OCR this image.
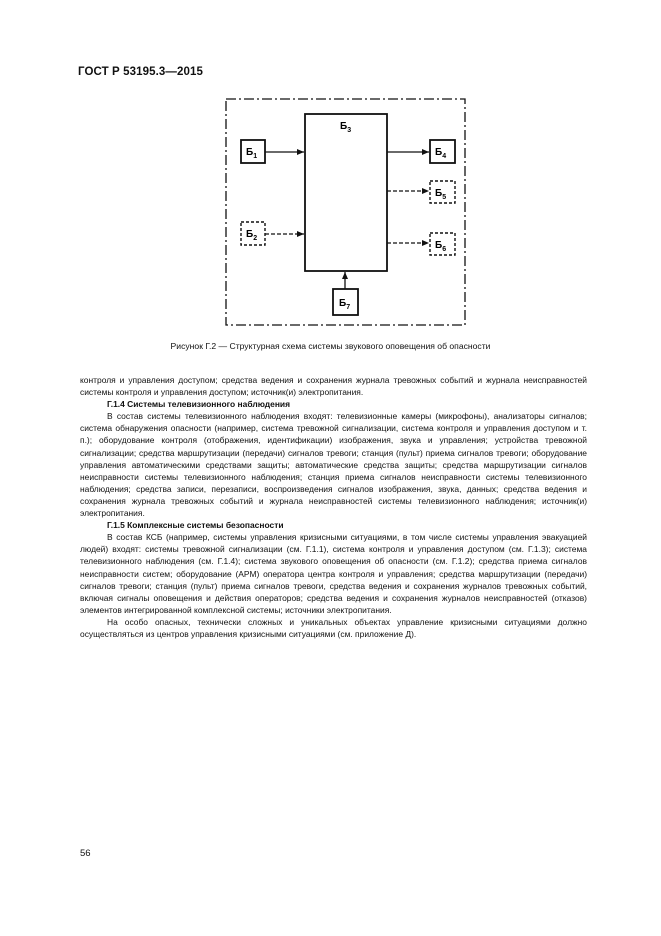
ГОСТ Р 53195.3—2015
$Б_3$
$Б_1$
$Б_2$
$Б_4$
$Б_5$
$Б_6$
$Б_7$
Рисунок Г.2 — Структурная схема системы звукового оповещения об опасности

контроля и управления доступом; средства ведения и сохранения журнала тревожных событий и журнала неисправностей системы контроля и управления доступом; источник(и) электропитания.

Г.1.4 Системы телевизионного наблюдения

В состав системы телевизионного наблюдения входят: телевизионные камеры (микрофоны), анализаторы сигналов; система обнаружения опасности (например, система тревожной сигнализации, система контроля и управления доступом и т. п.); оборудование контроля (отображения, идентификации) изображения, звука и управления; устройства тревожной сигнализации; средства маршрутизации (передачи) сигналов тревоги; станция (пульт) приема сигналов тревоги; оборудование управления автоматическими средствами защиты; автоматические средства защиты; средства маршрутизации сигналов неисправности системы телевизионного наблюдения; станция приема сигналов неисправности системы телевизионного наблюдения; средства записи, перезаписи, воспроизведения сигналов изображения, звука, данных; средства ведения и сохранения журнала тревожных событий и журнала неисправностей системы телевизионного наблюдения; источник(и) электропитания.

Г.1.5 Комплексные системы безопасности

В состав КСБ (например, системы управления кризисными ситуациями, в том числе системы управления эвакуацией людей) входят: системы тревожной сигнализации (см. Г.1.1), система контроля и управления доступом (см. Г.1.3); система телевизионного наблюдения (см. Г.1.4); система звукового оповещения об опасности (см. Г.1.2); средства приема сигналов неисправности систем; оборудование (АРМ) оператора центра контроля и управления; средства маршрутизации (передачи) сигналов тревоги; станция (пульт) приема сигналов тревоги, средства ведения и сохранения журналов тревожных событий, включая сигналы оповещения и действия операторов; средства ведения и сохранения журналов неисправностей (отказов) элементов интегрированной комплексной системы; источники электропитания.

На особо опасных, технически сложных и уникальных объектах управление кризисными ситуациями должно осуществляться из центров управления кризисными ситуациями (см. приложение Д).

56
